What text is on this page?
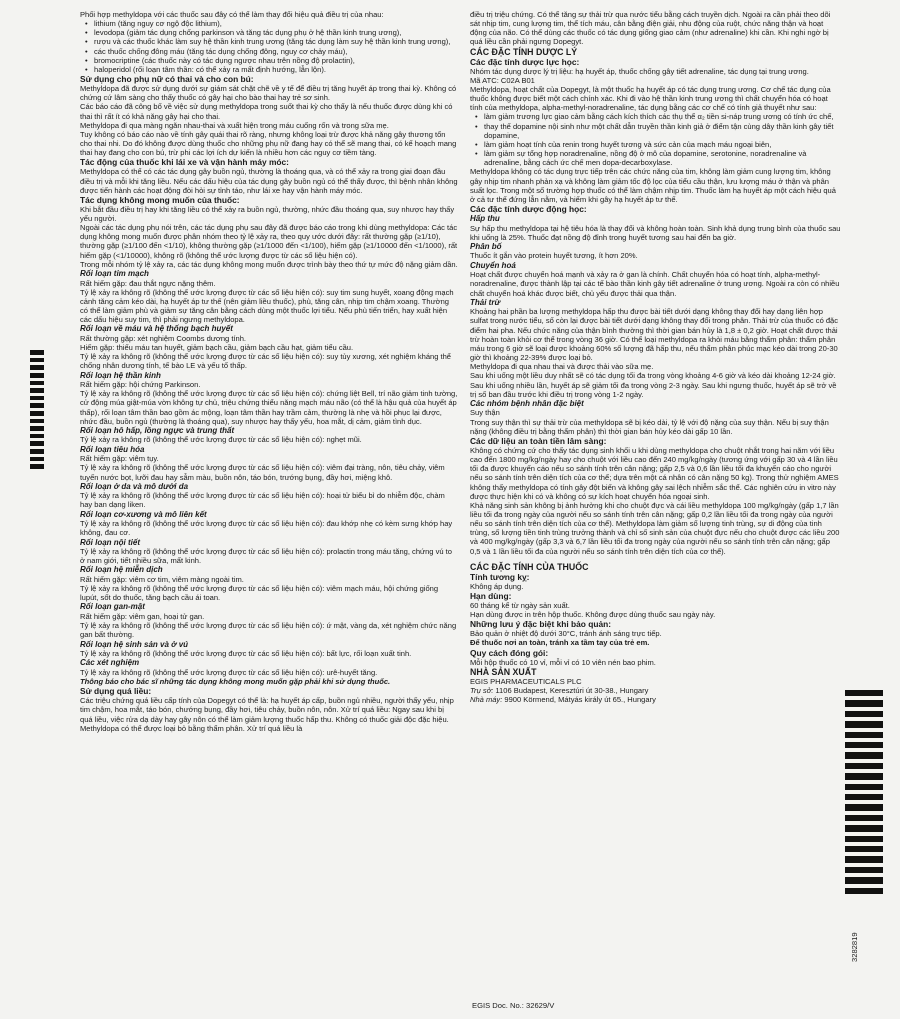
Phối hợp methyldopa với các thuốc sau đây có thể làm thay đổi hiệu quả điều trị của nhau:

• lithium (tăng nguy cơ ngộ độc lithium),
• levodopa (giảm tác dụng chống parkinson và tăng tác dụng phụ ở hệ thần kinh trung ương),
• rượu và các thuốc khác làm suy hệ thần kinh trung ương (tăng tác dụng làm suy hệ thần kinh trung ương),
• các thuốc chống đông máu (tăng tác dụng chống đông, nguy cơ chảy máu),
• bromocriptine (các thuốc này có tác dụng ngược nhau trên nồng độ prolactin),
• haloperidol (rối loạn tâm thần: có thể xảy ra mất định hướng, lẫn lộn).

Sử dụng cho phụ nữ có thai và cho con bú:

Methyldopa đã được sử dụng dưới sự giám sát chặt chẽ về y tế để điều trị tăng huyết áp trong thai kỳ. Không có chứng cứ lâm sàng cho thấy thuốc có gây hại cho bào thai hay trẻ sơ sinh.

Các báo cáo đã công bố về việc sử dụng methyldopa trong suốt thai kỳ cho thấy là nếu thuốc được dùng khi có thai thì rất ít có khả năng gây hại cho thai.

Methyldopa đi qua màng ngăn nhau-thai và xuất hiện trong máu cuống rốn và trong sữa mẹ.

Tuy không có báo cáo nào về tính gây quái thai rõ ràng, nhưng không loại trừ được khả năng gây thương tổn cho thai nhi. Do đó không được dùng thuốc cho những phụ nữ đang hay có thể sẽ mang thai, có kế hoạch mang thai hay đang cho con bú, trừ phi các lợi ích dự kiến là nhiều hơn các nguy cơ tiềm tàng.

Tác động của thuốc khi lái xe và vận hành máy móc:

Methyldopa có thể có các tác dụng gây buồn ngủ, thường là thoáng qua, và có thể xảy ra trong giai đoạn đầu điều trị và mỗi khi tăng liều. Nếu các dấu hiệu của tác dụng gây buồn ngủ có thể thấy được, thì bệnh nhân không được tiến hành các hoạt động đòi hỏi sự tỉnh táo, như lái xe hay vận hành máy móc.

Tác dụng không mong muốn của thuốc:

Khi bắt đầu điều trị hay khi tăng liều có thể xảy ra buồn ngủ, thường, nhức đầu thoáng qua, suy nhược hay thấy yếu người.

Ngoài các tác dụng phụ nói trên, các tác dụng phụ sau đây đã được báo cáo trong khi dùng methyldopa: Các tác dụng không mong muốn được phân nhóm theo tỷ lệ xảy ra, theo quy ước dưới đây: rất thường gặp (≥1/10), thường gặp (≥1/100 đến <1/10), không thường gặp (≥1/1000 đến <1/100), hiếm gặp (≥1/10000 đến <1/1000), rất hiếm gặp (<1/10000), không rõ (không thể ước lượng được từ các số liệu hiện có).

Trong mỗi nhóm tỷ lệ xảy ra, các tác dụng không mong muốn được trình bày theo thứ tự mức độ nặng giảm dần.

Rối loạn tim mạch

Rất hiếm gặp: đau thắt ngực nặng thêm.

Tỷ lệ xảy ra không rõ (không thể ước lượng được từ các số liệu hiện có): suy tim sung huyết, xoang động mạch cảnh tăng cảm kéo dài, hạ huyết áp tư thế (nên giảm liều thuốc), phù, tăng cân, nhịp tim chậm xoang. Thường có thể làm giảm phù và giảm sự tăng cân bằng cách dùng một thuốc lợi tiểu. Nếu phù tiến triển, hay xuất hiện các dấu hiệu suy tim, thì phải ngưng methyldopa.

Rối loạn về máu và hệ thống bạch huyết

Rất thường gặp: xét nghiệm Coombs dương tính.

Hiếm gặp: thiếu máu tan huyết, giảm bạch cầu, giảm bạch cầu hạt, giảm tiểu cầu.

Tỷ lệ xảy ra không rõ (không thể ước lượng được từ các số liệu hiện có): suy tủy xương, xét nghiệm kháng thể chống nhân dương tính, tế bào LE và yếu tố thấp.

Rối loạn hệ thần kinh

Rất hiếm gặp: hội chứng Parkinson.

Tỷ lệ xảy ra không rõ (không thể ước lượng được từ các số liệu hiện có): chứng liệt Bell, trí não giảm tinh tường, cử động múa giật-múa vờn không tự chủ, triệu chứng thiểu năng mạch máu não (có thể là hậu quả của huyết áp thấp), rối loạn tâm thần bao gồm ác mộng, loạn tâm thần hay trầm cảm, thường là nhẹ và hồi phục lại được, nhức đầu, buồn ngủ (thường là thoáng qua), suy nhược hay thấy yếu, hoa mắt, dị cảm, giảm tình dục.

Rối loạn hô hấp, lồng ngực và trung thất

Tỷ lệ xảy ra không rõ (không thể ước lượng được từ các số liệu hiện có): nghẹt mũi.

Rối loạn tiêu hóa

Rất hiếm gặp: viêm tụy.

Tỷ lệ xảy ra không rõ (không thể ước lượng được từ các số liệu hiện có): viêm đại tràng, nôn, tiêu chảy, viêm tuyến nước bọt, lưỡi đau hay sẫm màu, buồn nôn, táo bón, trướng bụng, đầy hơi, miệng khô.

Rối loạn ở da và mô dưới da

Tỷ lệ xảy ra không rõ (không thể ước lượng được từ các số liệu hiện có): hoại tử biểu bì do nhiễm độc, chàm hay ban dạng liken.

Rối loạn cơ-xương và mô liên kết

Tỷ lệ xảy ra không rõ (không thể ước lượng được từ các số liệu hiện có): đau khớp nhẹ có kèm sưng khớp hay không, đau cơ.

Rối loạn nội tiết

Tỷ lệ xảy ra không rõ (không thể ước lượng được từ các số liệu hiện có): prolactin trong máu tăng, chứng vú to ở nam giới, tiết nhiều sữa, mất kinh.

Rối loạn hệ miễn dịch

Rất hiếm gặp: viêm cơ tim, viêm màng ngoài tim.

Tỷ lệ xảy ra không rõ (không thể ước lượng được từ các số liệu hiện có): viêm mạch máu, hội chứng giống lupút, sốt do thuốc, tăng bạch cầu ái toan.

Rối loạn gan-mật

Rất hiếm gặp: viêm gan, hoại tử gan.

Tỷ lệ xảy ra không rõ (không thể ước lượng được từ các số liệu hiện có): ứ mật, vàng da, xét nghiệm chức năng gan bất thường.

Rối loạn hệ sinh sản và ở vú

Tỷ lệ xảy ra không rõ (không thể ước lượng được từ các số liệu hiện có): bất lực, rối loạn xuất tinh.

Các xét nghiệm

Tỷ lệ xảy ra không rõ (không thể ước lượng được từ các số liệu hiện có): urê-huyết tăng.

Thông báo cho bác sĩ những tác dụng không mong muốn gặp phải khi sử dụng thuốc.

Sử dụng quá liều:

Các triệu chứng quá liều cấp tính của Dopegyt có thể là: hạ huyết áp cấp, buồn ngủ nhiều, người thấy yếu, nhịp tim chậm, hoa mắt, táo bón, chướng bụng, đầy hơi, tiêu chảy, buồn nôn, nôn. Xử trí quá liều: Ngay sau khi bị quá liều, việc rửa dạ dày hay gây nôn có thể làm giảm lượng thuốc hấp thu. Không có thuốc giải độc đặc hiệu. Methyldopa có thể được loại bỏ bằng thẩm phân. Xử trí quá liều là

điều trị triệu chứng. Có thể tăng sự thải trừ qua nước tiểu bằng cách truyền dịch. Ngoài ra cần phải theo dõi sát nhịp tim, cung lượng tim, thể tích máu, cân bằng điện giải, nhu động của ruột, chức năng thận và hoạt động của não. Có thể dùng các thuốc có tác dụng giống giao cảm (như adrenaline) khi cần. Khi nghi ngờ bị quá liều cần phải ngưng Dopegyt.

CÁC ĐẶC TÍNH DƯỢC LÝ

Các đặc tính dược lực học:

Nhóm tác dụng dược lý trị liệu: hạ huyết áp, thuốc chống gây tiết adrenaline, tác dụng tại trung ương.

Mã ATC: C02A B01

Methyldopa, hoạt chất của Dopegyt, là một thuốc hạ huyết áp có tác dụng trung ương. Cơ chế tác dụng của thuốc không được biết một cách chính xác. Khi đi vào hệ thần kinh trung ương thì chất chuyển hóa có hoạt tính của methyldopa, alpha-methyl-noradrenaline, tác dụng bằng các cơ chế có tính giả thuyết như sau:

• làm giảm trương lực giao cảm bằng cách kích thích các thụ thể α₂ tiền si-náp trung ương có tính ức chế,
• thay thế dopamine nội sinh như một chất dẫn truyền thần kinh giả ở điểm tận cùng dây thần kinh gây tiết dopamine,
• làm giảm hoạt tính của renin trong huyết tương và sức cản của mạch máu ngoại biên,
• làm giảm sự tổng hợp noradrenaline, nồng độ ở mô của dopamine, serotonine, noradrenaline và adrenaline, bằng cách ức chế men dopa-decarboxylase.

Methyldopa không có tác dụng trực tiếp trên các chức năng của tim, không làm giảm cung lượng tim, không gây nhịp tim nhanh phản xạ và không làm giảm tốc độ lọc của tiểu cầu thận, lưu lượng máu ở thận và phân suất lọc. Trong một số trường hợp thuốc có thể làm chậm nhịp tim. Thuốc làm hạ huyết áp một cách hiệu quả ở cả tư thế đứng lẫn nằm, và hiếm khi gây hạ huyết áp tư thế.

Các đặc tính dược động học:

Hấp thu

Sự hấp thu methyldopa tại hệ tiêu hóa là thay đổi và không hoàn toàn. Sinh khả dụng trung bình của thuốc sau khi uống là 25%. Thuốc đạt nồng độ đỉnh trong huyết tương sau hai đến ba giờ.

Phân bố

Thuốc ít gắn vào protein huyết tương, ít hơn 20%.

Chuyển hoá

Hoạt chất được chuyển hoá mạnh và xảy ra ở gan là chính. Chất chuyển hóa có hoạt tính, alpha-methyl-noradrenaline, được thành lập tại các tế bào thần kinh gây tiết adrenaline ở trung ương. Ngoài ra còn có nhiều chất chuyển hoá khác được biết, chủ yếu được thải qua thận.

Thải trừ

Khoảng hai phần ba lượng methyldopa hấp thu được bài tiết dưới dạng không thay đổi hay dạng liên hợp sulfat trong nước tiểu, số còn lại được bài tiết dưới dạng không thay đổi trong phân. Thải trừ của thuốc có đặc điểm hai pha. Nếu chức năng của thận bình thường thì thời gian bán hủy là 1,8 ± 0,2 giờ. Hoạt chất được thải trừ hoàn toàn khỏi cơ thể trong vòng 36 giờ. Có thể loại methyldopa ra khỏi máu bằng thẩm phân: thẩm phân máu trong 6 giờ sẽ loại được khoảng 60% số lượng đã hấp thu, nếu thẩm phân phúc mạc kéo dài trong 20-30 giờ thì khoảng 22-39% được loại bỏ.

Methyldopa đi qua nhau thai và được thải vào sữa mẹ.

Sau khi uống một liều duy nhất sẽ có tác dụng tối đa trong vòng khoảng 4-6 giờ và kéo dài khoảng 12-24 giờ. Sau khi uống nhiều lần, huyết áp sẽ giảm tối đa trong vòng 2-3 ngày. Sau khi ngưng thuốc, huyết áp sẽ trở về trị số ban đầu trước khi điều trị trong vòng 1-2 ngày.

Các nhóm bệnh nhân đặc biệt

Suy thận

Trong suy thận thì sự thải trừ của methyldopa sẽ bị kéo dài, tỷ lệ với độ nặng của suy thận. Nếu bị suy thận nặng (không điều trị bằng thẩm phân) thì thời gian bán hủy kéo dài gấp 10 lần.

Các dữ liệu an toàn tiền lâm sàng:

Không có chứng cứ cho thấy tác dụng sinh khối u khi dùng methyldopa cho chuột nhắt trong hai năm với liều cao đến 1800 mg/kg/ngày hay cho chuột với liều cao đến 240 mg/kg/ngày (tương ứng với gấp 30 và 4 lần liều tối đa được khuyến cáo nếu so sánh tính trên cân nặng; gấp 2,5 và 0,6 lần liều tối đa khuyến cáo cho người nếu so sánh tính trên diện tích của cơ thể; dựa trên một cá nhân có cân nặng 50 kg). Trong thử nghiệm AMES không thấy methyldopa có tính gây đột biến và không gây sai lệch nhiễm sắc thể. Các nghiên cứu in vitro này được thực hiện khi có và không có sự kích hoạt chuyển hóa ngoại sinh.

Khả năng sinh sản không bị ảnh hưởng khi cho chuột đực và cái liều methyldopa 100 mg/kg/ngày (gấp 1,7 lần liều tối đa trong ngày của người nếu so sánh tính trên cân nặng; gấp 0,2 lần liều tối đa trong ngày của người nếu so sánh tính trên diện tích của cơ thể). Methyldopa làm giảm số lượng tinh trùng, sự di động của tinh trùng, số lượng tiền tinh trùng trưởng thành và chỉ số sinh sản của chuột đực nếu cho chuột được các liều 200 và 400 mg/kg/ngày (gấp 3,3 và 6,7 lần liều tối đa trong ngày của người nếu so sánh tính trên cân nặng; gấp 0,5 và 1 lần liều tối đa của người nếu so sánh tính trên diện tích của cơ thể).

CÁC ĐẶC TÍNH CỦA THUỐC

Tính tương kỵ:

Không áp dụng.

Hạn dùng:

60 tháng kể từ ngày sản xuất.

Hạn dùng được in trên hộp thuốc. Không được dùng thuốc sau ngày này.

Những lưu ý đặc biệt khi bảo quản:

Bảo quản ở nhiệt độ dưới 30°C, tránh ánh sáng trực tiếp.

Để thuốc nơi an toàn, tránh xa tầm tay của trẻ em.

Quy cách đóng gói:

Mỗi hộp thuốc có 10 vỉ, mỗi vỉ có 10 viên nén bao phim.

NHÀ SẢN XUẤT

EGIS PHARMACEUTICALS PLC

Trụ sở: 1106 Budapest, Keresztúri út 30-38., Hungary

Nhà máy: 9900 Körmend, Mátyás király út 65., Hungary

EGIS Doc. No.: 32629/V
3282819
